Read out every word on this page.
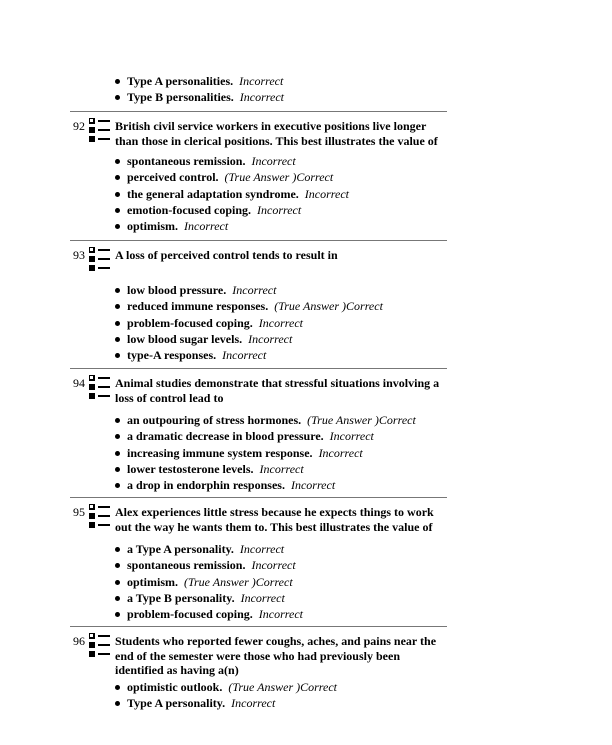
Type A personalities. Incorrect
Type B personalities. Incorrect
92	British civil service workers in executive positions live longer than those in clerical positions. This best illustrates the value of
spontaneous remission. Incorrect
perceived control. (True Answer )Correct
the general adaptation syndrome. Incorrect
emotion-focused coping. Incorrect
optimism. Incorrect
93	A loss of perceived control tends to result in
low blood pressure. Incorrect
reduced immune responses. (True Answer )Correct
problem-focused coping. Incorrect
low blood sugar levels. Incorrect
type-A responses. Incorrect
94	Animal studies demonstrate that stressful situations involving a loss of control lead to
an outpouring of stress hormones. (True Answer )Correct
a dramatic decrease in blood pressure. Incorrect
increasing immune system response. Incorrect
lower testosterone levels. Incorrect
a drop in endorphin responses. Incorrect
95	Alex experiences little stress because he expects things to work out the way he wants them to. This best illustrates the value of
a Type A personality. Incorrect
spontaneous remission. Incorrect
optimism. (True Answer )Correct
a Type B personality. Incorrect
problem-focused coping. Incorrect
96	Students who reported fewer coughs, aches, and pains near the end of the semester were those who had previously been identified as having a(n)
optimistic outlook. (True Answer )Correct
Type A personality. Incorrect
